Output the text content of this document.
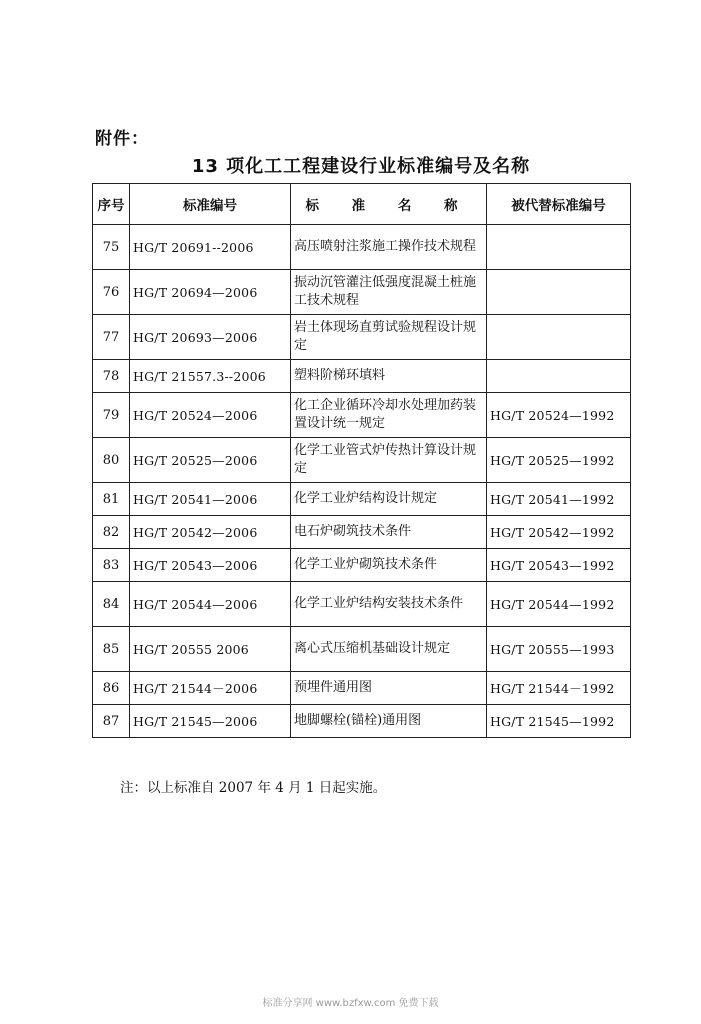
附件：
13 项化工工程建设行业标准编号及名称
序号	标准编号	标 准 名 称	被代替标准编号
75	HG/T 20691--2006	高压喷射注浆施工操作技术规程	
76	HG/T 20694—2006	振动沉管灌注低强度混凝土桩施工技术规程	
77	HG/T 20693—2006	岩土体现场直剪试验规程设计规定	
78	HG/T 21557.3--2006	塑料阶梯环填料	
79	HG/T 20524—2006	化工企业循环冷却水处理加药装置设计统一规定	HG/T 20524—1992
80	HG/T 20525—2006	化学工业管式炉传热计算设计规定	HG/T 20525—1992
81	HG/T 20541—2006	化学工业炉结构设计规定	HG/T 20541—1992
82	HG/T 20542—2006	电石炉砌筑技术条件	HG/T 20542—1992
83	HG/T 20543—2006	化学工业炉砌筑技术条件	HG/T 20543—1992
84	HG/T 20544—2006	化学工业炉结构安装技术条件	HG/T 20544—1992
85	HG/T 20555 2006	离心式压缩机基础设计规定	HG/T 20555—1993
86	HG/T 21544－2006	预埋件通用图	HG/T 21544－1992
87	HG/T 21545—2006	地脚螺栓(锚栓)通用图	HG/T 21545—1992
注：以上标准自 2007 年 4 月 1 日起实施。
标准分享网 www.bzfxw.com 免费下载
